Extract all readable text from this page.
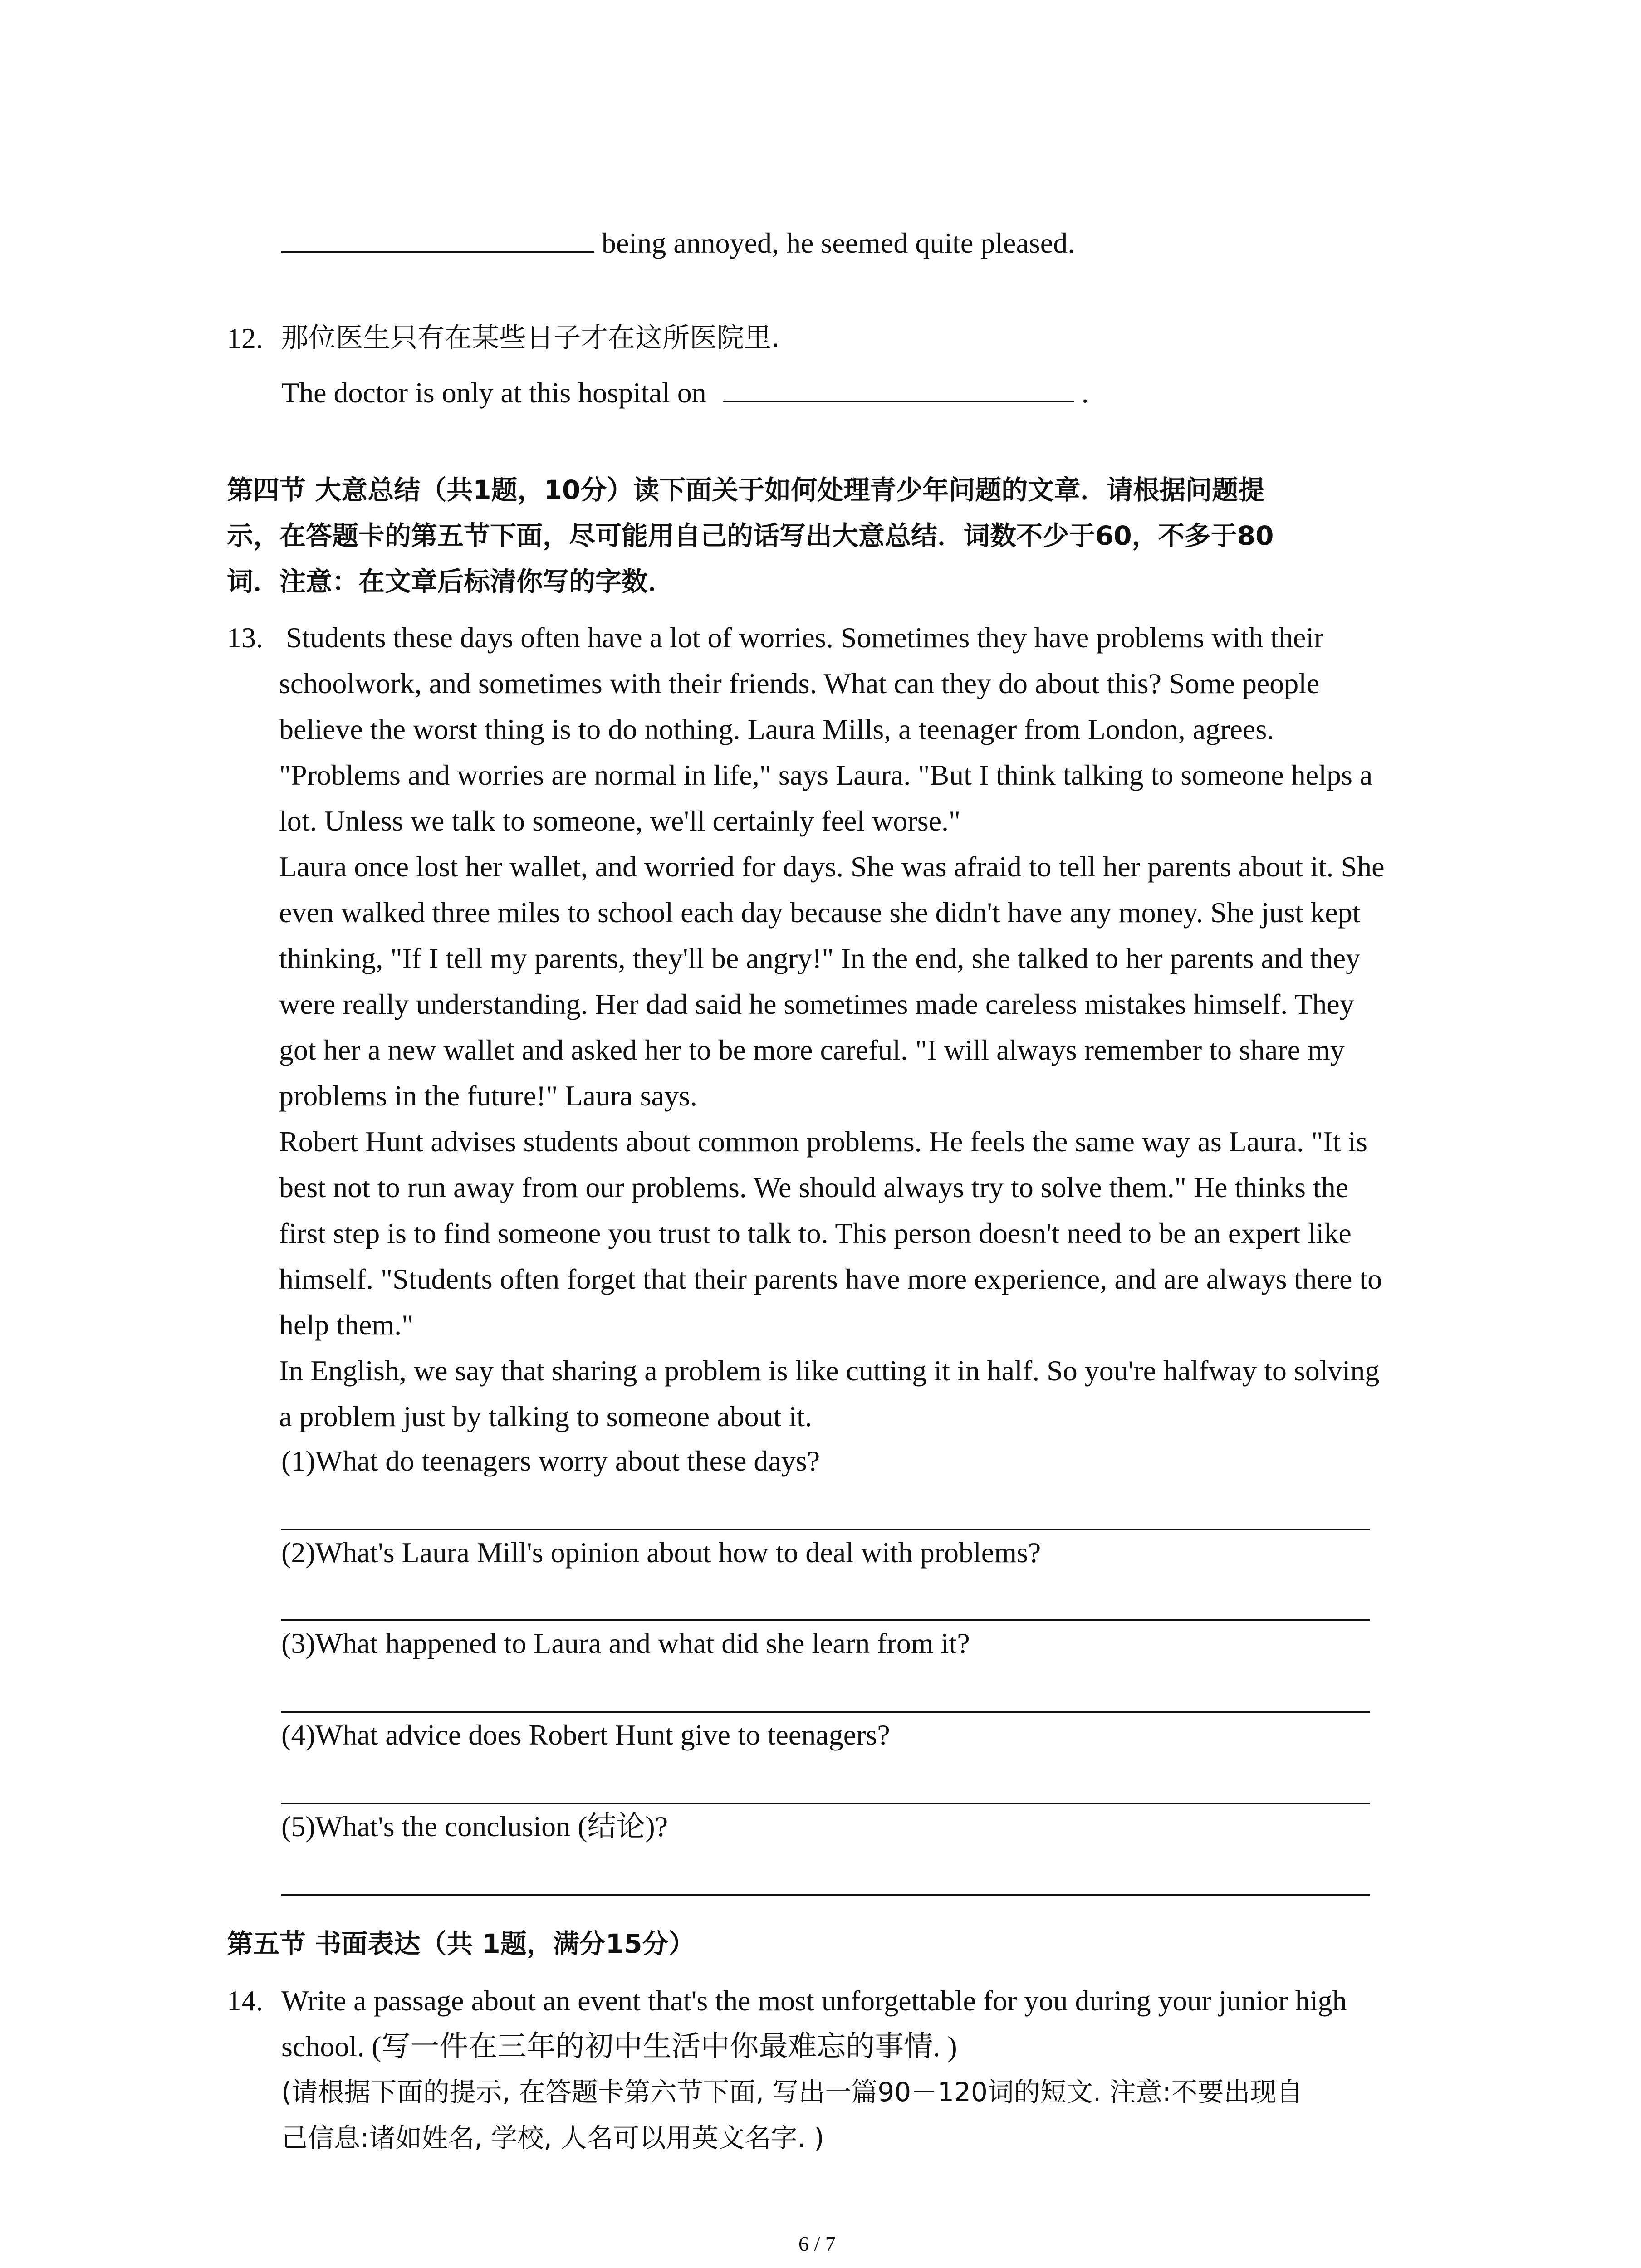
being annoyed, he seemed quite pleased.
12. 那位医生只有在某些日子才在这所医院里.
The doctor is only at this hospital on	.
第四节 大意总结（共1题，10分）读下面关于如何处理青少年问题的文章．请根据问题提
示，在答题卡的第五节下面，尽可能用自己的话写出大意总结．词数不少于60，不多于80
词．注意：在文章后标清你写的字数．
13. Students these days often have a lot of worries. Sometimes they have problems with their
schoolwork, and sometimes with their friends. What can they do about this? Some people
believe the worst thing is to do nothing. Laura Mills, a teenager from London, agrees.
"Problems and worries are normal in life," says Laura. "But I think talking to someone helps a
lot. Unless we talk to someone, we'll certainly feel worse."
Laura once lost her wallet, and worried for days. She was afraid to tell her parents about it. She
even walked three miles to school each day because she didn't have any money. She just kept
thinking, "If I tell my parents, they'll be angry!" In the end, she talked to her parents and they
were really understanding. Her dad said he sometimes made careless mistakes himself. They
got her a new wallet and asked her to be more careful. "I will always remember to share my
problems in the future!" Laura says.
Robert Hunt advises students about common problems. He feels the same way as Laura. "It is
best not to run away from our problems. We should always try to solve them." He thinks the
first step is to find someone you trust to talk to. This person doesn't need to be an expert like
himself. "Students often forget that their parents have more experience, and are always there to
help them."
In English, we say that sharing a problem is like cutting it in half. So you're halfway to solving
a problem just by talking to someone about it.
(1)What do teenagers worry about these days?
(2)What's Laura Mill's opinion about how to deal with problems?
(3)What happened to Laura and what did she learn from it?
(4)What advice does Robert Hunt give to teenagers?
(5)What's the conclusion (结论)?
第五节 书面表达（共 1题，满分15分）
14. Write a passage about an event that's the most unforgettable for you during your junior high
school. (写一件在三年的初中生活中你最难忘的事情. )
(请根据下面的提示, 在答题卡第六节下面, 写出一篇90－120词的短文. 注意:不要出现自
己信息:诸如姓名, 学校, 人名可以用英文名字. )
6 / 7
